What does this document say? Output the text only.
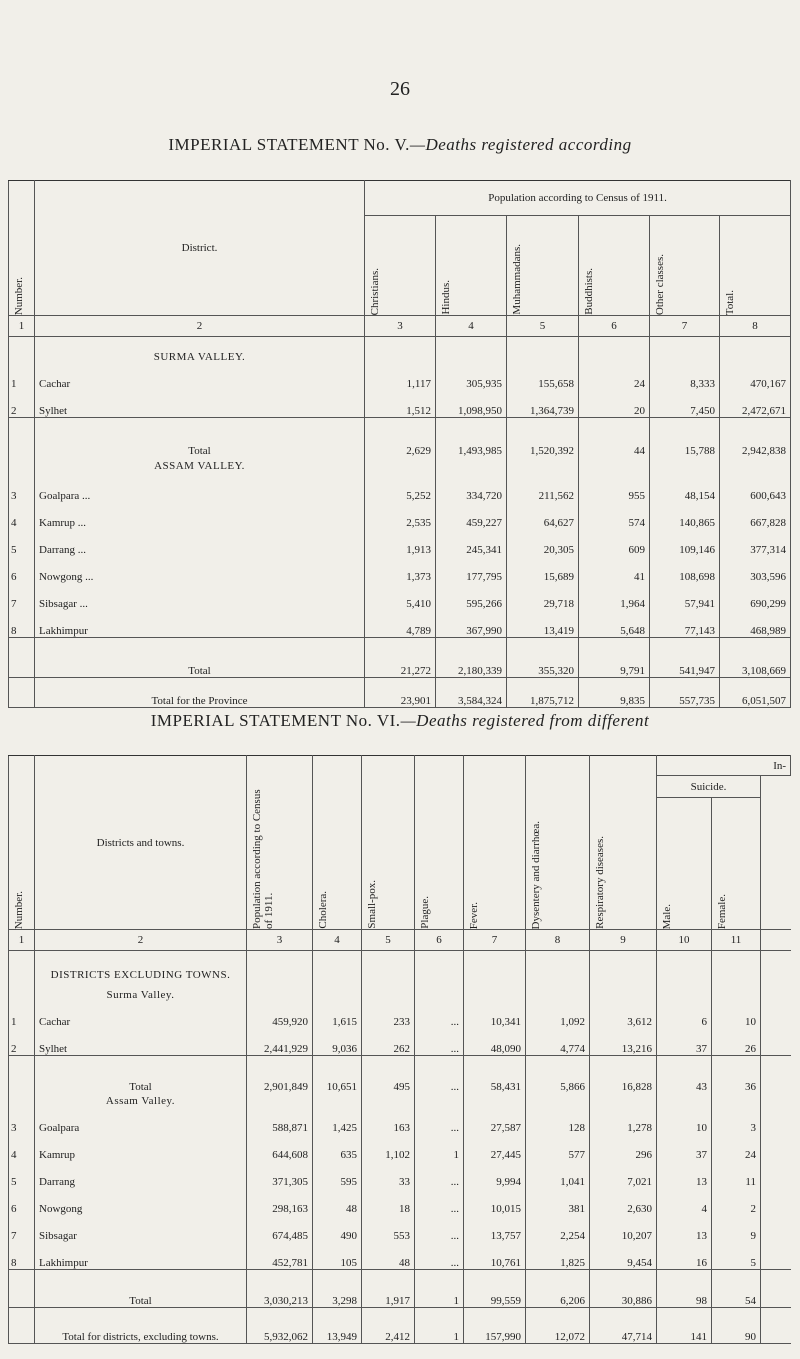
26
IMPERIAL STATEMENT No. V.—Deaths registered according
Number.	District.	Population according to Census of 1911.					

		Christians.	Hindus.	Muhammadans.	Buddhists.	Other classes.	Total.

1	2	3	4	5	6	7	8
	SURMA VALLEY.						
1	Cachar	1,117	305,935	155,658	24	8,333	470,167
2	Sylhet	1,512	1,098,950	1,364,739	20	7,450	2,472,671
	Total	2,629	1,493,985	1,520,392	44	15,788	2,942,838
	ASSAM VALLEY.						
3	Goalpara ...	5,252	334,720	211,562	955	48,154	600,643
4	Kamrup ...	2,535	459,227	64,627	574	140,865	667,828
5	Darrang ...	1,913	245,341	20,305	609	109,146	377,314
6	Nowgong ...	1,373	177,795	15,689	41	108,698	303,596
7	Sibsagar ...	5,410	595,266	29,718	1,964	57,941	690,299
8	Lakhimpur	4,789	367,990	13,419	5,648	77,143	468,989
	Total	21,272	2,180,339	355,320	9,791	541,947	3,108,669
	Total for the Province	23,901	3,584,324	1,875,712	9,835	557,735	6,051,507
IMPERIAL STATEMENT No. VI.—Deaths registered from different
Number.	Districts and towns.	Population according to Census of 1911.	Cholera.	Small-pox.	Plague.	Fever.	Dysentery and diarrhœa.	Respiratory diseases.	In-		
									Suicide.		

									Male.	Female.	

1	2	3	4	5	6	7	8	9	10	11	
	DISTRICTS EXCLUDING TOWNS.										
	Surma Valley.										
1	Cachar	459,920	1,615	233	...	10,341	1,092	3,612	6	10	
2	Sylhet	2,441,929	9,036	262	...	48,090	4,774	13,216	37	26	
	Total	2,901,849	10,651	495	...	58,431	5,866	16,828	43	36	
	Assam Valley.										
3	Goalpara	588,871	1,425	163	...	27,587	128	1,278	10	3	
4	Kamrup	644,608	635	1,102	1	27,445	577	296	37	24	
5	Darrang	371,305	595	33	...	9,994	1,041	7,021	13	11	
6	Nowgong	298,163	48	18	...	10,015	381	2,630	4	2	
7	Sibsagar	674,485	490	553	...	13,757	2,254	10,207	13	9	
8	Lakhimpur	452,781	105	48	...	10,761	1,825	9,454	16	5	
	Total	3,030,213	3,298	1,917	1	99,559	6,206	30,886	98	54	
	Total for districts, excluding towns.	5,932,062	13,949	2,412	1	157,990	12,072	47,714	141	90	
